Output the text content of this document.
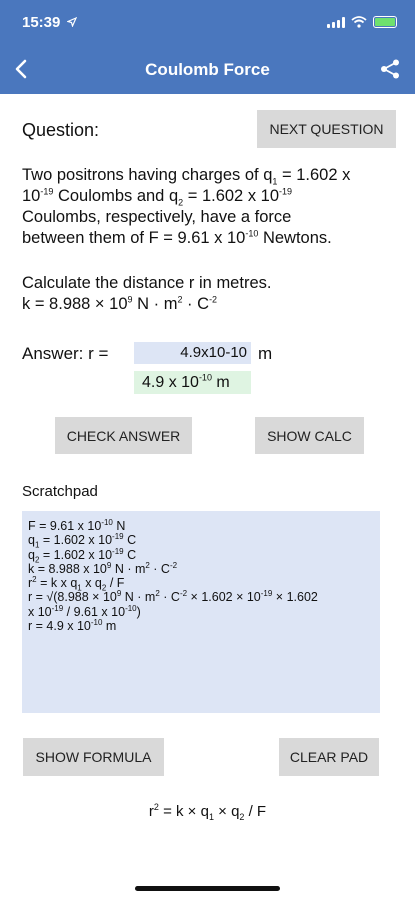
15:39
Coulomb Force
Question:	NEXT QUESTION
Two positrons having charges of $q_1 = 1.602$ x
$10^{-19}$ Coulombs and $q_2 = 1.602$ x $10^{-19}$
Coulombs, respectively, have a force
between them of F = 9.61 x $10^{-10}$ Newtons.
Calculate the distance r in metres.
$k = 8.988 \times 10^9$ $N \cdot m^2 \cdot C^{-2}$
Answer: r =
4.9x10-10	m
4.9 x $10^{-10}$ m
CHECK ANSWER	SHOW CALC
Scratchpad
F = 9.61 x $10^{-10}$ N
$q_1 = 1.602$ x $10^{-19}$ C
$q_2 = 1.602$ x $10^{-19}$ C
k = 8.988 x $10^9$ $N \cdot m^2 \cdot C^{-2}$
$r^2 = k$ x $q_1$ x $q_2$ / F
$r = √(8.988 \times 10^9$ $N \cdot m^2 \cdot C^{-2} \times 1.602 \times 10^{-19} \times 1.602$
x $10^{-19} / 9.61$ x $10^{-10}$)
r = 4.9 x $10^{-10}$ m
SHOW FORMULA	CLEAR PAD
$r^2 = k \times q_1 \times q_2 / F$
